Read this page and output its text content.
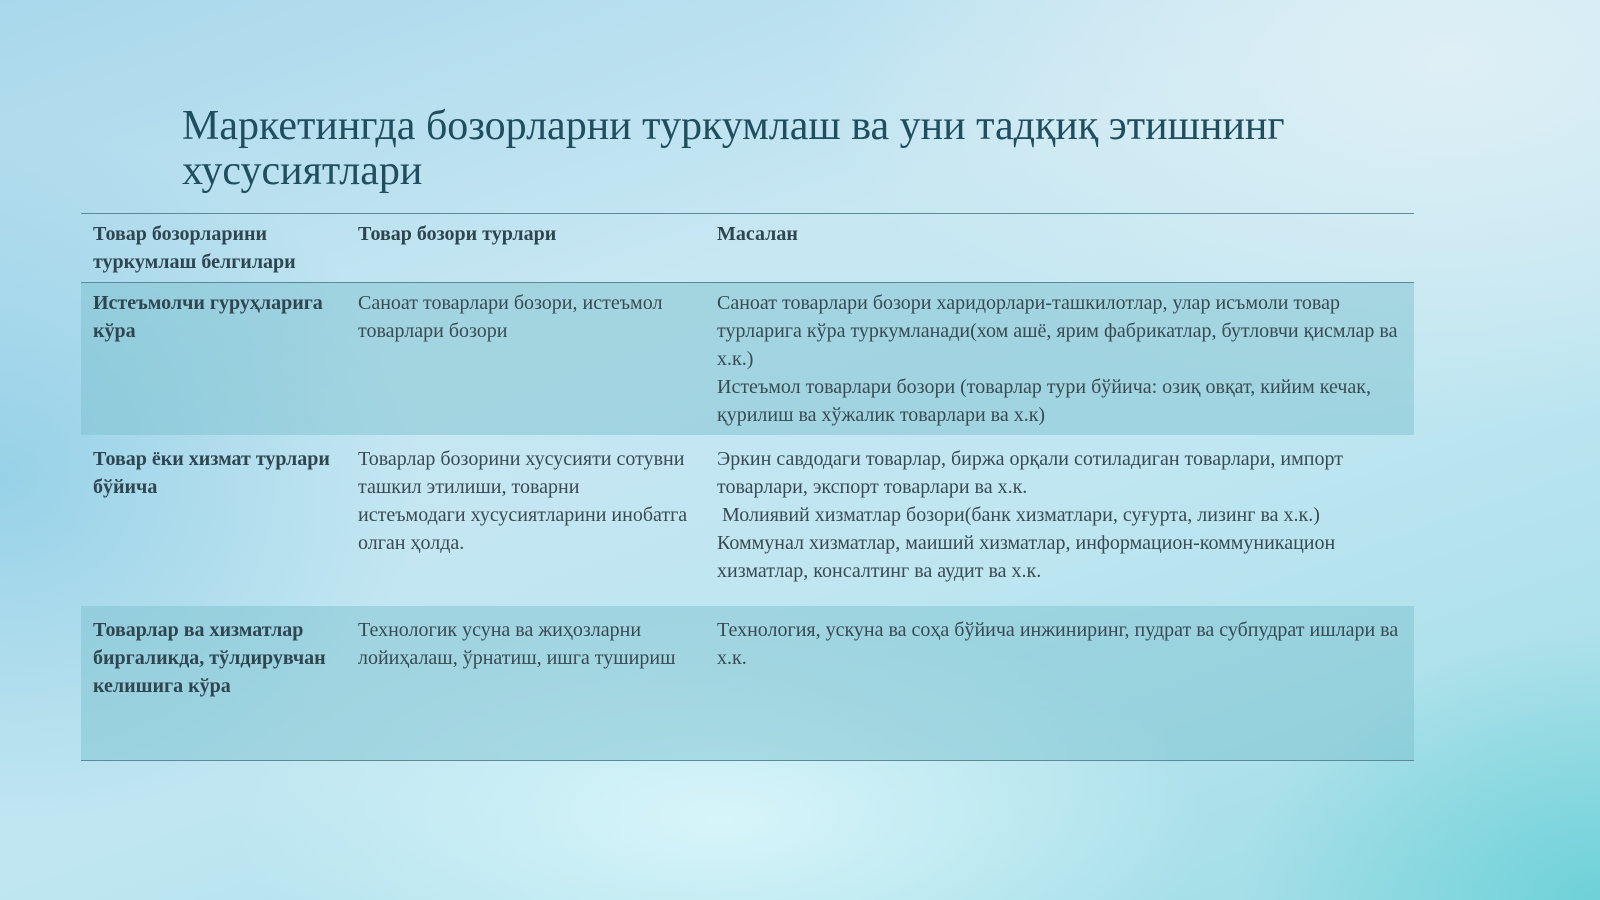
Маркетингда бозорларни туркумлаш ва уни тадқиқ этишнинг хусусиятлари
Товар бозорларини туркумлаш белгилари	Товар бозори турлари	Масалан
Истеъмолчи гуруҳларига кўра	Саноат товарлари бозори, истеъмол товарлари бозори	Саноат товарлари бозори харидорлари-ташкилотлар, улар исъмоли товар турларига кўра туркумланади(хом ашё, ярим фабрикатлар, бутловчи қисмлар ва х.к.)
Истеъмол товарлари бозори (товарлар тури бўйича: озиқ овқат, кийим кечак, қурилиш ва хўжалик товарлари ва х.к)

Товар ёки хизмат турлари бўйича	Товарлар бозорини хусусияти сотувни ташкил этилиши, товарни истеъмодаги хусусиятларини инобатга олган ҳолда.	Эркин савдодаги товарлар, биржа орқали сотиладиган товарлари, импорт товарлари, экспорт товарлари ва х.к.
Молиявий хизматлар бозори(банк хизматлари, суғурта, лизинг ва х.к.)  Коммунал хизматлар, маиший хизматлар, информацион-коммуникацион хизматлар, консалтинг ва аудит ва х.к.

Товарлар ва хизматлар биргаликда, тўлдирувчан келишига кўра	Технологик усуна ва жиҳозларни лойиҳалаш, ўрнатиш, ишга тушириш	Технология, ускуна ва соҳа бўйича инжиниринг, пудрат ва субпудрат ишлари ва х.к.
